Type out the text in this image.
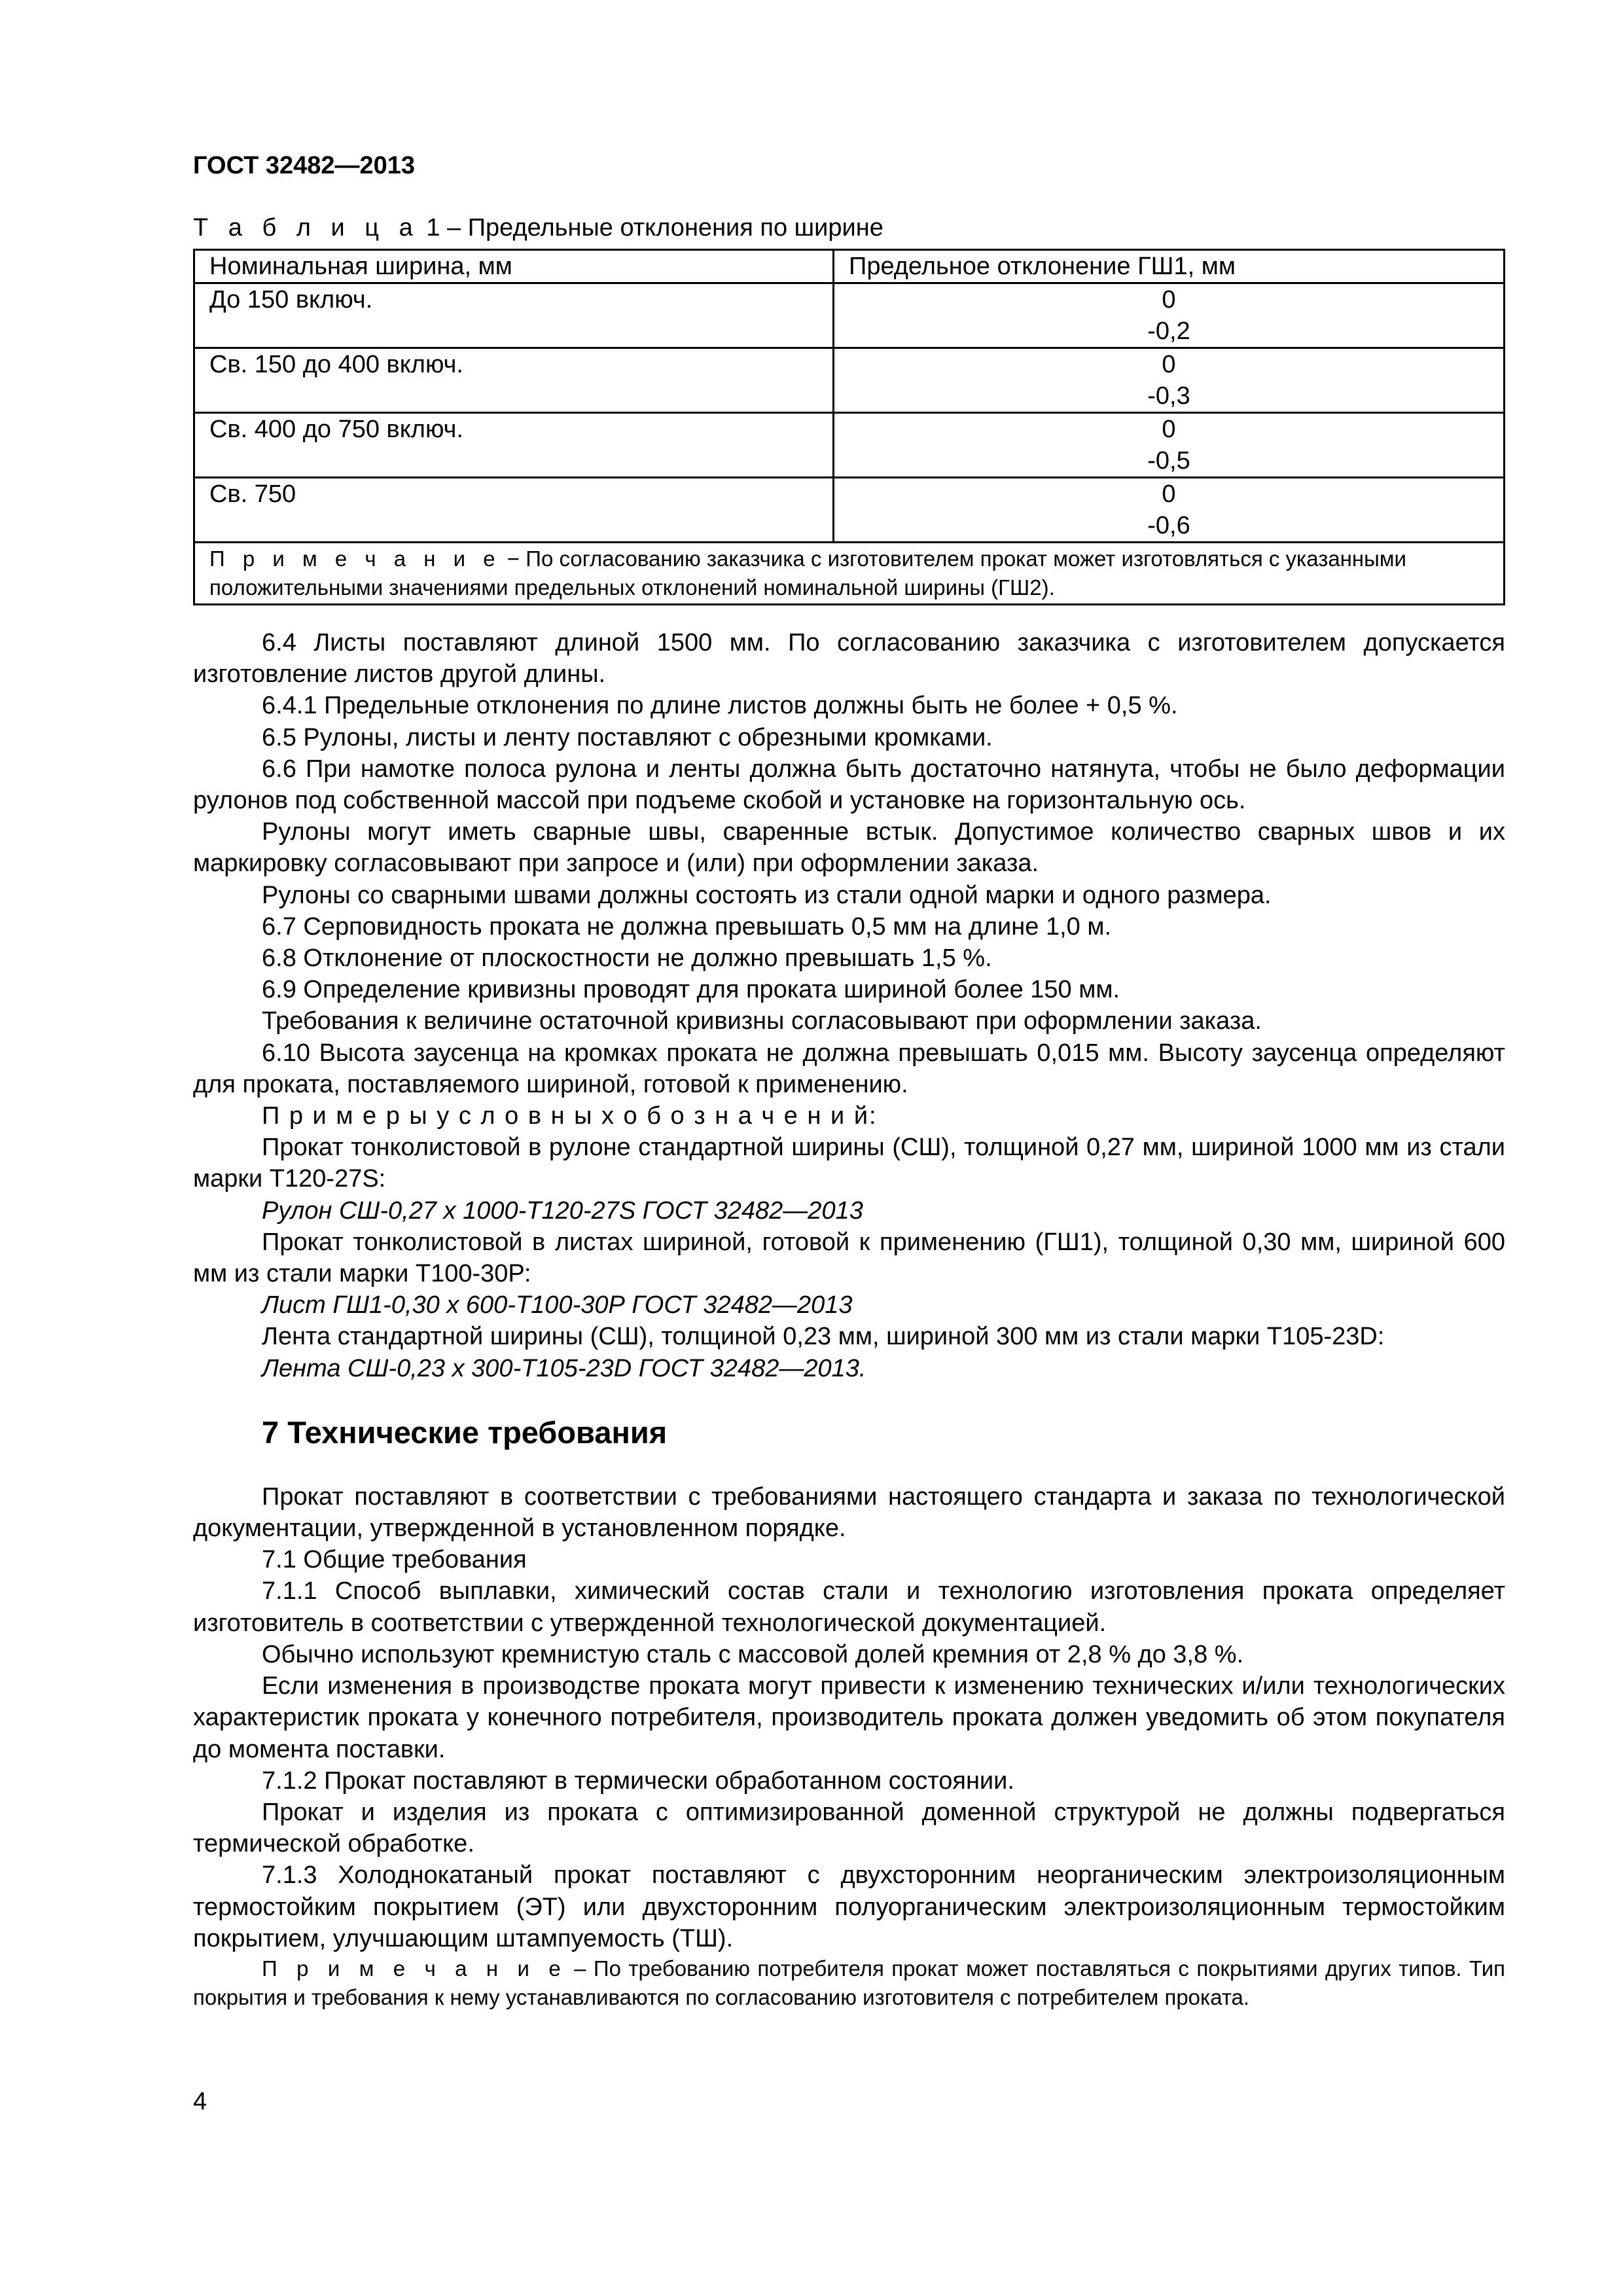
ГОСТ 32482—2013
Т а б л и ц а 1 – Предельные отклонения по ширине
Номинальная ширина, мм	Предельное отклонение ГШ1, мм
До 150 включ.	0
-0,2

Св. 150 до 400 включ.	0
-0,3

Св. 400 до 750 включ.	0
-0,5

Св. 750	0
-0,6

П р и м е ч а н и е − По согласованию заказчика с изготовителем прокат может изготовляться с указанными положительными значениями предельных отклонений номинальной ширины (ГШ2).	

6.4 Листы поставляют длиной 1500 мм. По согласованию заказчика с изготовителем допускается изготовление листов другой длины.

6.4.1 Предельные отклонения по длине листов должны быть не более + 0,5 %.

6.5 Рулоны, листы и ленту поставляют с обрезными кромками.

6.6 При намотке полоса рулона и ленты должна быть достаточно натянута, чтобы не было деформации рулонов под собственной массой при подъеме скобой и установке на горизонтальную ось.

Рулоны могут иметь сварные швы, сваренные встык. Допустимое количество сварных швов и их маркировку согласовывают при запросе и (или) при оформлении заказа.

Рулоны со сварными швами должны состоять из стали одной марки и одного размера.

6.7 Серповидность проката не должна превышать 0,5 мм на длине 1,0 м.

6.8 Отклонение от плоскостности не должно превышать 1,5 %.

6.9 Определение кривизны проводят для проката шириной более 150 мм.

Требования к величине остаточной кривизны согласовывают при оформлении заказа.

6.10 Высота заусенца на кромках проката не должна превышать 0,015 мм. Высоту заусенца определяют для проката, поставляемого шириной, готовой к применению.

П р и м е р ы у с л о в н ы х о б о з н а ч е н и й:

Прокат тонколистовой в рулоне стандартной ширины (СШ), толщиной 0,27 мм, шириной 1000 мм из стали марки Т120-27S:

Рулон СШ-0,27 х 1000-Т120-27S ГОСТ 32482—2013

Прокат тонколистовой в листах шириной, готовой к применению (ГШ1), толщиной 0,30 мм, шириной 600 мм из стали марки Т100-30Р:

Лист ГШ1-0,30 х 600-Т100-30Р ГОСТ 32482—2013

Лента стандартной ширины (СШ), толщиной 0,23 мм, шириной 300 мм из стали марки Т105-23D:

Лента СШ-0,23 х 300-Т105-23D ГОСТ 32482—2013.

7 Технические требования

Прокат поставляют в соответствии с требованиями настоящего стандарта и заказа по технологической документации, утвержденной в установленном порядке.

7.1 Общие требования

7.1.1 Способ выплавки, химический состав стали и технологию изготовления проката определяет изготовитель в соответствии с утвержденной технологической документацией.

Обычно используют кремнистую сталь с массовой долей кремния от 2,8 % до 3,8 %.

Если изменения в производстве проката могут привести к изменению технических и/или технологических характеристик проката у конечного потребителя, производитель проката должен уведомить об этом покупателя до момента поставки.

7.1.2 Прокат поставляют в термически обработанном состоянии.

Прокат и изделия из проката с оптимизированной доменной структурой не должны подвергаться термической обработке.

7.1.3 Холоднокатаный прокат поставляют с двухсторонним неорганическим электроизоляционным термостойким покрытием (ЭТ) или двухсторонним полуорганическим электроизоляционным термостойким покрытием, улучшающим штампуемость (ТШ).

П р и м е ч а н и е – По требованию потребителя прокат может поставляться с покрытиями других типов. Тип покрытия и требования к нему устанавливаются по согласованию изготовителя с потребителем проката.

4
